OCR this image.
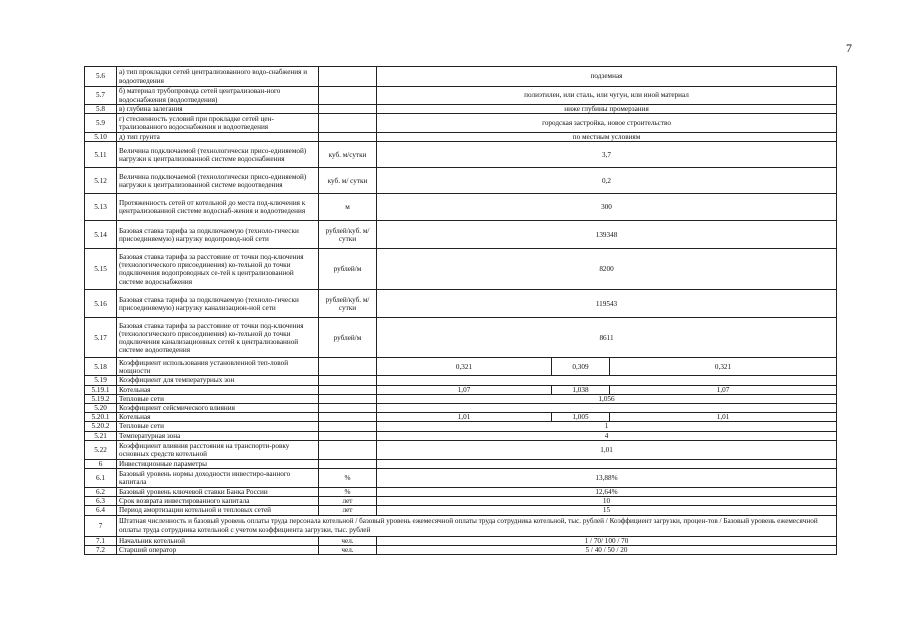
7
5.6	а) тип прокладки сетей централизованного водо-снабжения и водоотведения		подземная		
5.7	б) материал трубопровода сетей централизован-ного водоснабжения (водоотведения)		полиэтилен, или сталь, или чугун, или иной материал		
5.8	в) глубина залегания		ниже глубины промерзания		
5.9	г) стесненность условий при прокладке сетей цен-трализованного водоснабжения и водоотведения		городская застройка, новое строительство		
5.10	д) тип грунта		по местным условиям		
5.11	Величина подключаемой (технологически присо-единяемой) нагрузки к централизованной системе водоснабжения	куб. м/сутки	3,7		
5.12	Величина подключаемой (технологически присо-единяемой) нагрузки к централизованной системе водоотведения	куб. м/ сутки	0,2		
5.13	Протяженность сетей от котельной до места под-ключения к централизованной системе водоснаб-жения и водоотведения	м	300		
5.14	Базовая ставка тарифа за подключаемую (техноло-гически присоединяемую) нагрузку водопровод-ной сети	рублей/куб. м/сутки	139348		
5.15	Базовая ставка тарифа за расстояние от точки под-ключения (технологического присоединения) ко-тельной до точки подключения водопроводных се-тей к централизованной системе водоснабжения	рублей/м	8200		
5.16	Базовая ставка тарифа за подключаемую (техноло-гически присоединяемую) нагрузку канализацион-ной сети	рублей/куб. м/сутки	119543		
5.17	Базовая ставка тарифа за расстояние от точки под-ключения (технологического присоединения) ко-тельной до точки подключения канализационных сетей к централизованной системе водоотведения	рублей/м	8611		
5.18	Коэффициент использования установленной теп-ловой мощности		0,321	0,309	0,321
5.19	Коэффициент для температурных зон				
5.19.1	Котельная		1,07	1,038	1,07
5.19.2	Тепловые сети		1,056		
5.20	Коэффициент сейсмического влияния				
5.20.1	Котельная		1,01	1,005	1,01
5.20.2	Тепловые сети		1		
5.21	Температурная зона		4		
5.22	Коэффициент влияния расстояния на транспорти-ровку основных средств котельной		1,01		
6	Инвестиционные параметры				
6.1	Базовый уровень нормы доходности инвестиро-ванного капитала	%	13,88%		
6.2	Базовый уровень ключевой ставки Банка России	%	12,64%		
6.3	Срок возврата инвестированного капитала	лет	10		
6.4	Период амортизации котельной и тепловых сетей	лет	15		
7	Штатная численность и базовый уровень оплаты труда персонала котельной / базовый уровень ежемесячной оплаты труда сотрудника котельной, тыс. рублей / Коэффициент загрузки, процен-тов / Базовый уровень ежемесячной оплаты труда сотрудника котельной с учетом коэффициента загрузки, тыс. рублей				
7.1	Начальник котельной	чел.	1 / 70/ 100 / 70		
7.2	Старший оператор	чел.	5 / 40 / 50 / 20		
